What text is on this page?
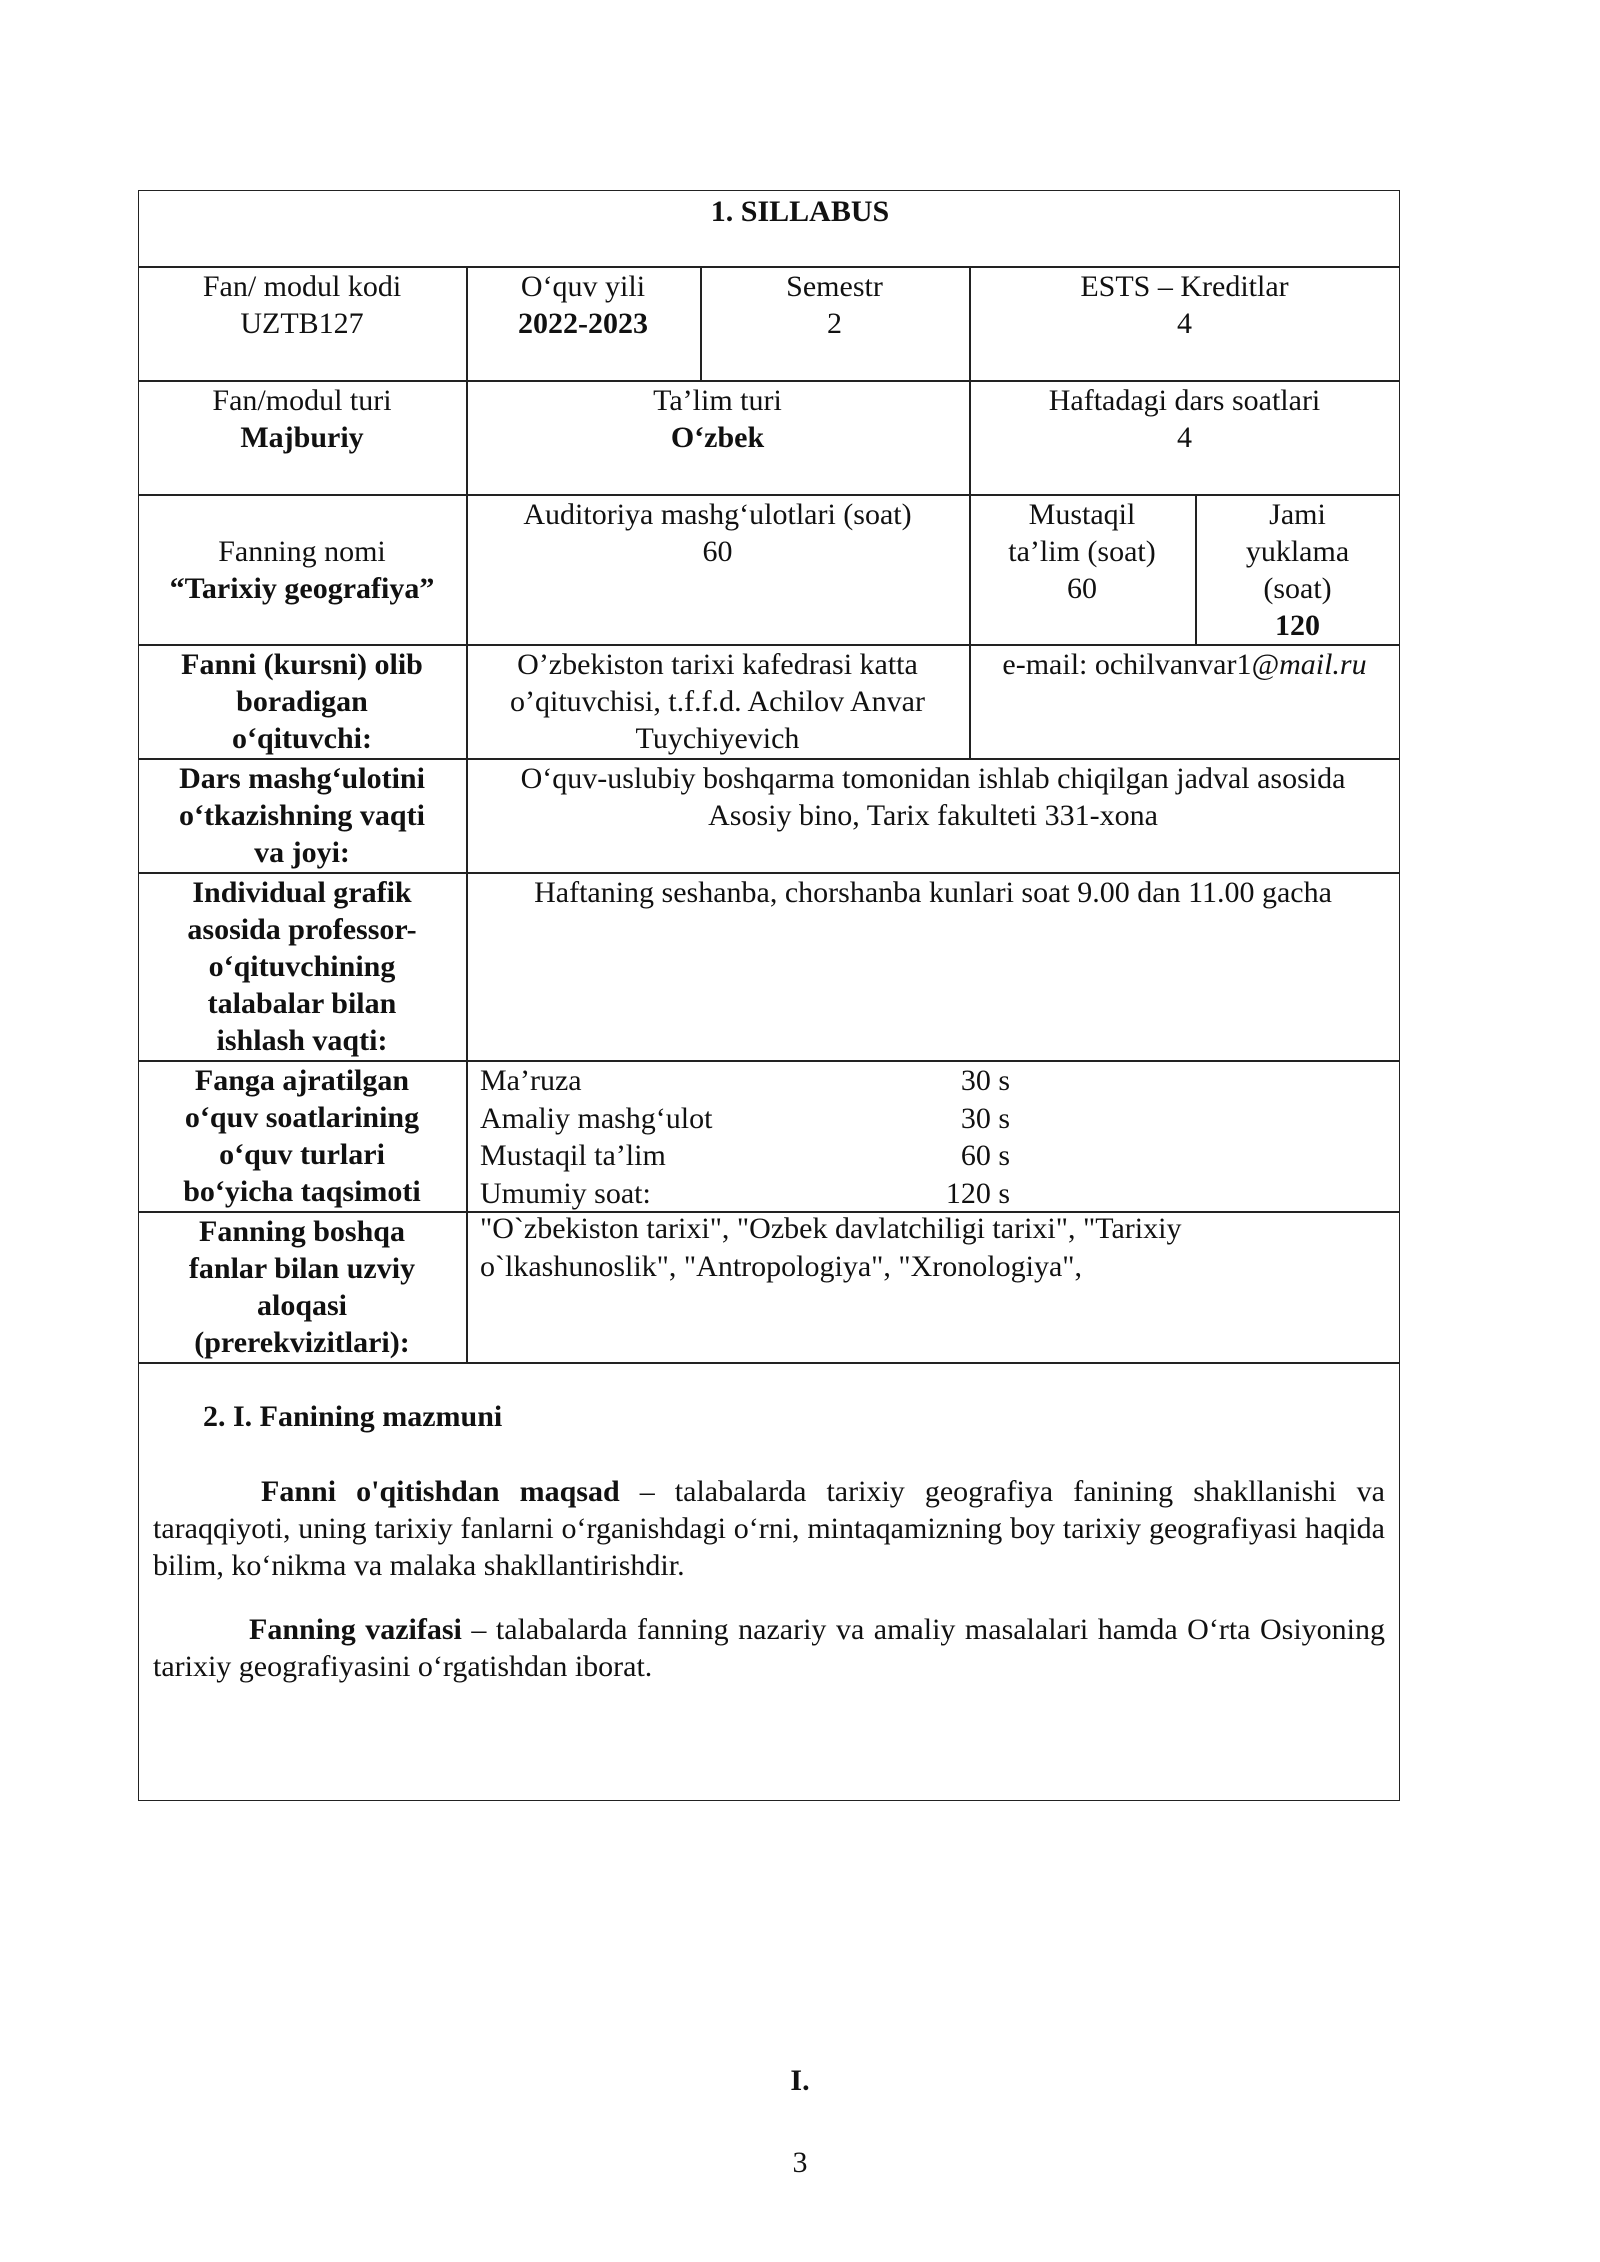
1. SILLABUS
Fan/ modul kodi
UZTB127
O‘quv yili
2022-2023
Semestr
2
ESTS – Kreditlar
4
Fan/modul turi
Majburiy
Ta’lim turi
O‘zbek
Haftadagi dars soatlari
4
Fanning nomi
“Tarixiy geografiya”
Auditoriya mashg‘ulotlari (soat)
60
Mustaqil
ta’lim (soat)
60
Jami
yuklama
(soat)
120
Fanni (kursni) olib
boradigan
o‘qituvchi:
O’zbekiston tarixi kafedrasi katta
o’qituvchisi, t.f.f.d. Achilov Anvar
Tuychiyevich
e-mail: ochilvanvar1@mail.ru
Dars mashg‘ulotini
o‘tkazishning vaqti
va joyi:
O‘quv-uslubiy boshqarma tomonidan ishlab chiqilgan jadval asosida
Asosiy bino, Tarix fakulteti 331-xona
Individual grafik
asosida professor-
o‘qituvchining
talabalar bilan
ishlash vaqti:
Haftaning seshanba, chorshanba kunlari soat 9.00 dan 11.00 gacha
Fanga ajratilgan
o‘quv soatlarining
o‘quv turlari
bo‘yicha taqsimoti
Ma’ruza
Amaliy mashg‘ulot
Mustaqil ta’lim
Umumiy soat:
30 s
30 s
60 s
120 s
Fanning boshqa
fanlar bilan uzviy
aloqasi
(prerekvizitlari):
"O`zbekiston tarixi", "Ozbek davlatchiligi tarixi", "Tarixiy
o`lkashunoslik", "Antropologiya", "Xronologiya",
2. I. Fanining mazmuni
Fanni o'qitishdan maqsad – talabalarda tarixiy geografiya fanining shakllanishi va taraqqiyoti, uning tarixiy fanlarni o‘rganishdagi o‘rni, mintaqamizning boy tarixiy geografiyasi haqida bilim, ko‘nikma va malaka shakllantirishdir.
Fanning vazifasi – talabalarda fanning nazariy va amaliy masalalari hamda O‘rta Osiyoning tarixiy geografiyasini o‘rgatishdan iborat.
I.
3
